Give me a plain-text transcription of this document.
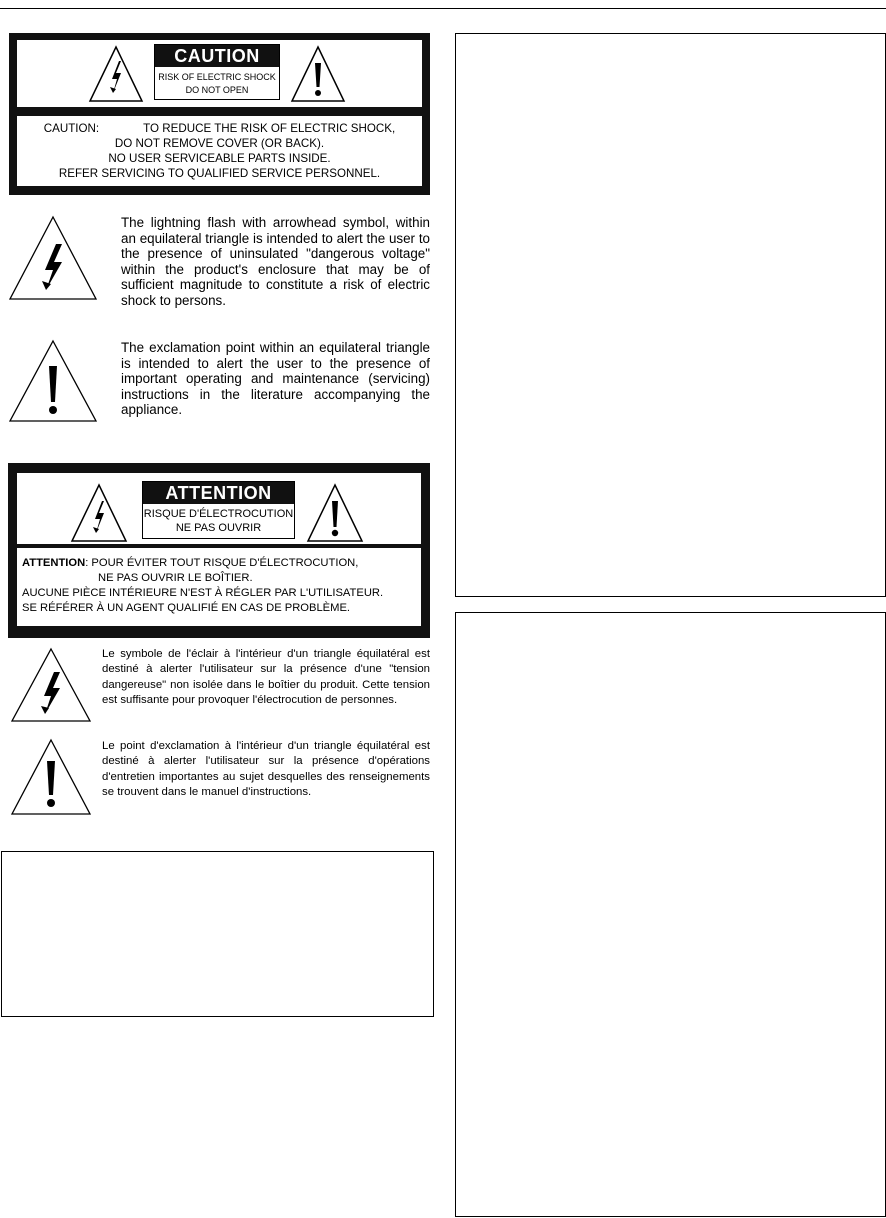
CAUTION
RISK OF ELECTRIC SHOCK
DO NOT OPEN
CAUTION:	TO REDUCE THE RISK OF ELECTRIC SHOCK,
DO NOT REMOVE COVER (OR BACK).
NO USER SERVICEABLE PARTS INSIDE.
REFER SERVICING TO QUALIFIED SERVICE PERSONNEL.
The lightning flash with arrowhead symbol, within an equilateral triangle is intended to alert the user to the presence of uninsulated "dangerous voltage" within the product's enclosure that may be of sufficient magnitude to constitute a risk of electric shock to persons.
The exclamation point within an equilateral triangle is intended to alert the user to the presence of important operating and maintenance (servicing) instructions in the literature accompanying the appliance.
ATTENTION
RISQUE D'ÉLECTROCUTION
NE PAS OUVRIR
ATTENTION: POUR ÉVITER TOUT RISQUE D'ÉLECTROCUTION,
NE PAS OUVRIR LE BOÎTIER.
AUCUNE PIÈCE INTÉRIEURE N'EST À RÉGLER PAR L'UTILISATEUR.
SE RÉFÉRER À UN AGENT QUALIFIÉ EN CAS DE PROBLÈME.
Le symbole de l'éclair à l'intérieur d'un triangle équilatéral est destiné à alerter l'utilisateur sur la présence d'une "tension dangereuse" non isolée dans le boîtier du produit. Cette tension est suffisante pour provoquer l'électrocution de personnes.
Le point d'exclamation à l'intérieur d'un triangle équilatéral est destiné à alerter l'utilisateur sur la présence d'opérations d'entretien importantes au sujet desquelles des renseignements se trouvent dans le manuel d'instructions.
